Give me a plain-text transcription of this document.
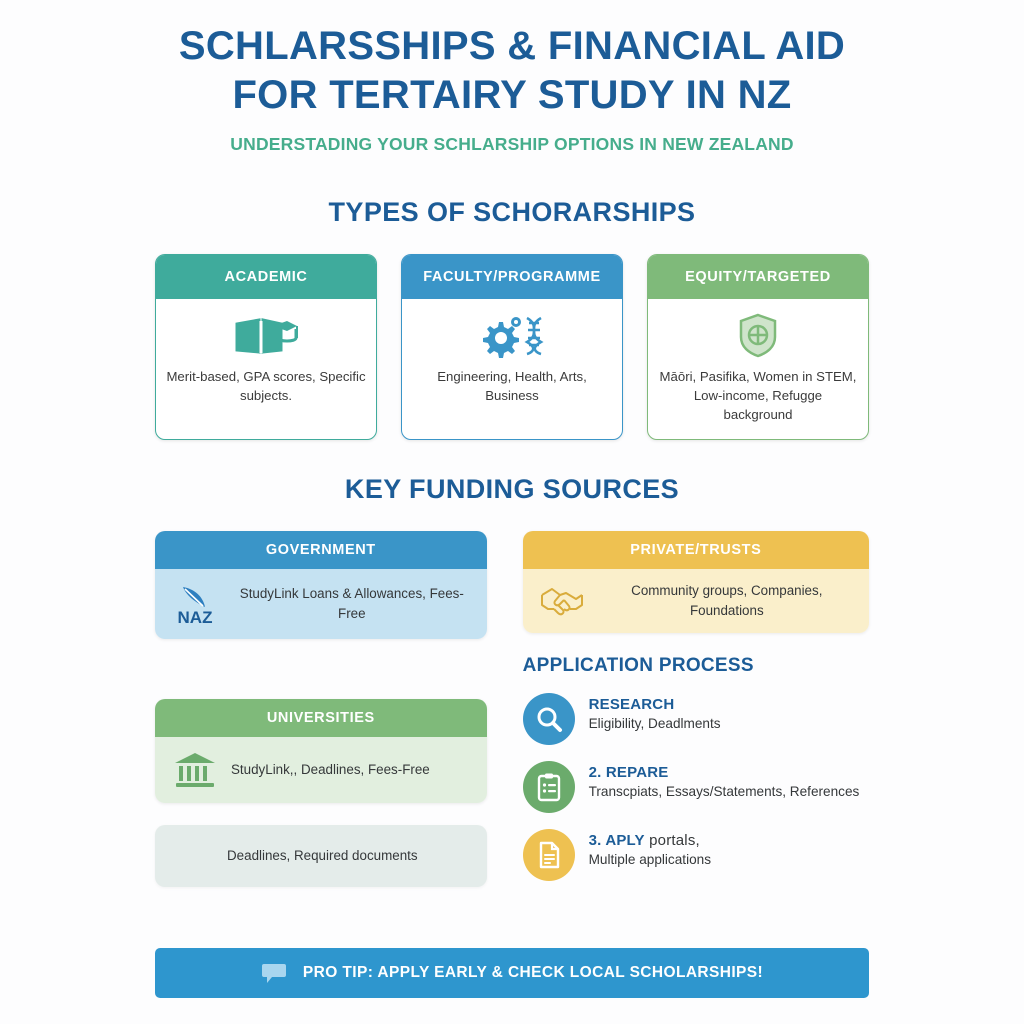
SCHLARSSHIPS & FINANCIAL AID
FOR TERTAIRY STUDY IN NZ
UNDERSTADING YOUR SCHLARSHIP OPTIONS IN NEW ZEALAND
TYPES OF SCHORARSHIPS
ACADEMIC
Merit-based, GPA scores, Specific subjects.
FACULTY/PROGRAMME
Engineering, Health, Arts, Business
EQUITY/TARGETED
Māōri, Pasifika, Women in STEM, Low-income, Refugge background
KEY FUNDING SOURCES
GOVERNMENT
NAZ
StudyLink Loans & Allowances, Fees-Free
UNIVERSITIES
StudyLink,, Deadlines, Fees-Free
Deadlines, Required documents
PRIVATE/TRUSTS
Community groups, Companies, Foundations
APPLICATION PROCESS
RESEARCH
Eligibility, Deadlments
2. REPARE
Transcpiats, Essays/Statements, References
3. APLY portals,
Multiple applications
PRO TIP: APPLY EARLY & CHECK LOCAL SCHOLARSHIPS!
